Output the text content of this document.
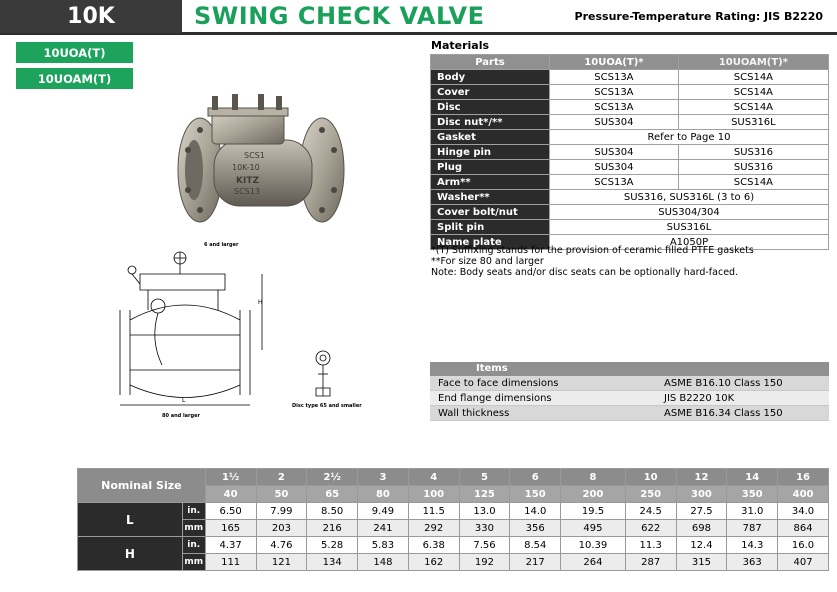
10K	SWING CHECK VALVE	Pressure-Temperature Rating: JIS B2220
10UOA(T)
10UOAM(T)
SCS1
10K-10
KITZ
SCS13
6 and larger
L
H
80 and larger
Disc type 65 and smaller
Materials
Parts	10UOA(T)*	10UOAM(T)*
Body	SCS13A	SCS14A
Cover	SCS13A	SCS14A
Disc	SCS13A	SCS14A
Disc nut*/**	SUS304	SUS316L
Gasket	Refer to Page 10	
Hinge pin	SUS304	SUS316
Plug	SUS304	SUS316
Arm**	SCS13A	SCS14A
Washer**	SUS316, SUS316L (3 to 6)	
Cover bolt/nut	SUS304/304	
Split pin	SUS316L	
Name plate	A1050P	
*(T) Suffixing stands for the provision of ceramic filled PTFE gaskets
**For size 80 and larger
Note: Body seats and/or disc seats can be optionally hard-faced.
Items	
Face to face dimensions	ASME B16.10 Class 150
End flange dimensions	JIS B2220 10K
Wall thickness	ASME B16.34 Class 150
Nominal Size		1½	2	2½	3	4	5	6	8	10	12	14	16
		40	50	65	80	100	125	150	200	250	300	350	400
L	in.	6.50	7.99	8.50	9.49	11.5	13.0	14.0	19.5	24.5	27.5	31.0	34.0
	mm	165	203	216	241	292	330	356	495	622	698	787	864
H	in.	4.37	4.76	5.28	5.83	6.38	7.56	8.54	10.39	11.3	12.4	14.3	16.0
	mm	111	121	134	148	162	192	217	264	287	315	363	407
